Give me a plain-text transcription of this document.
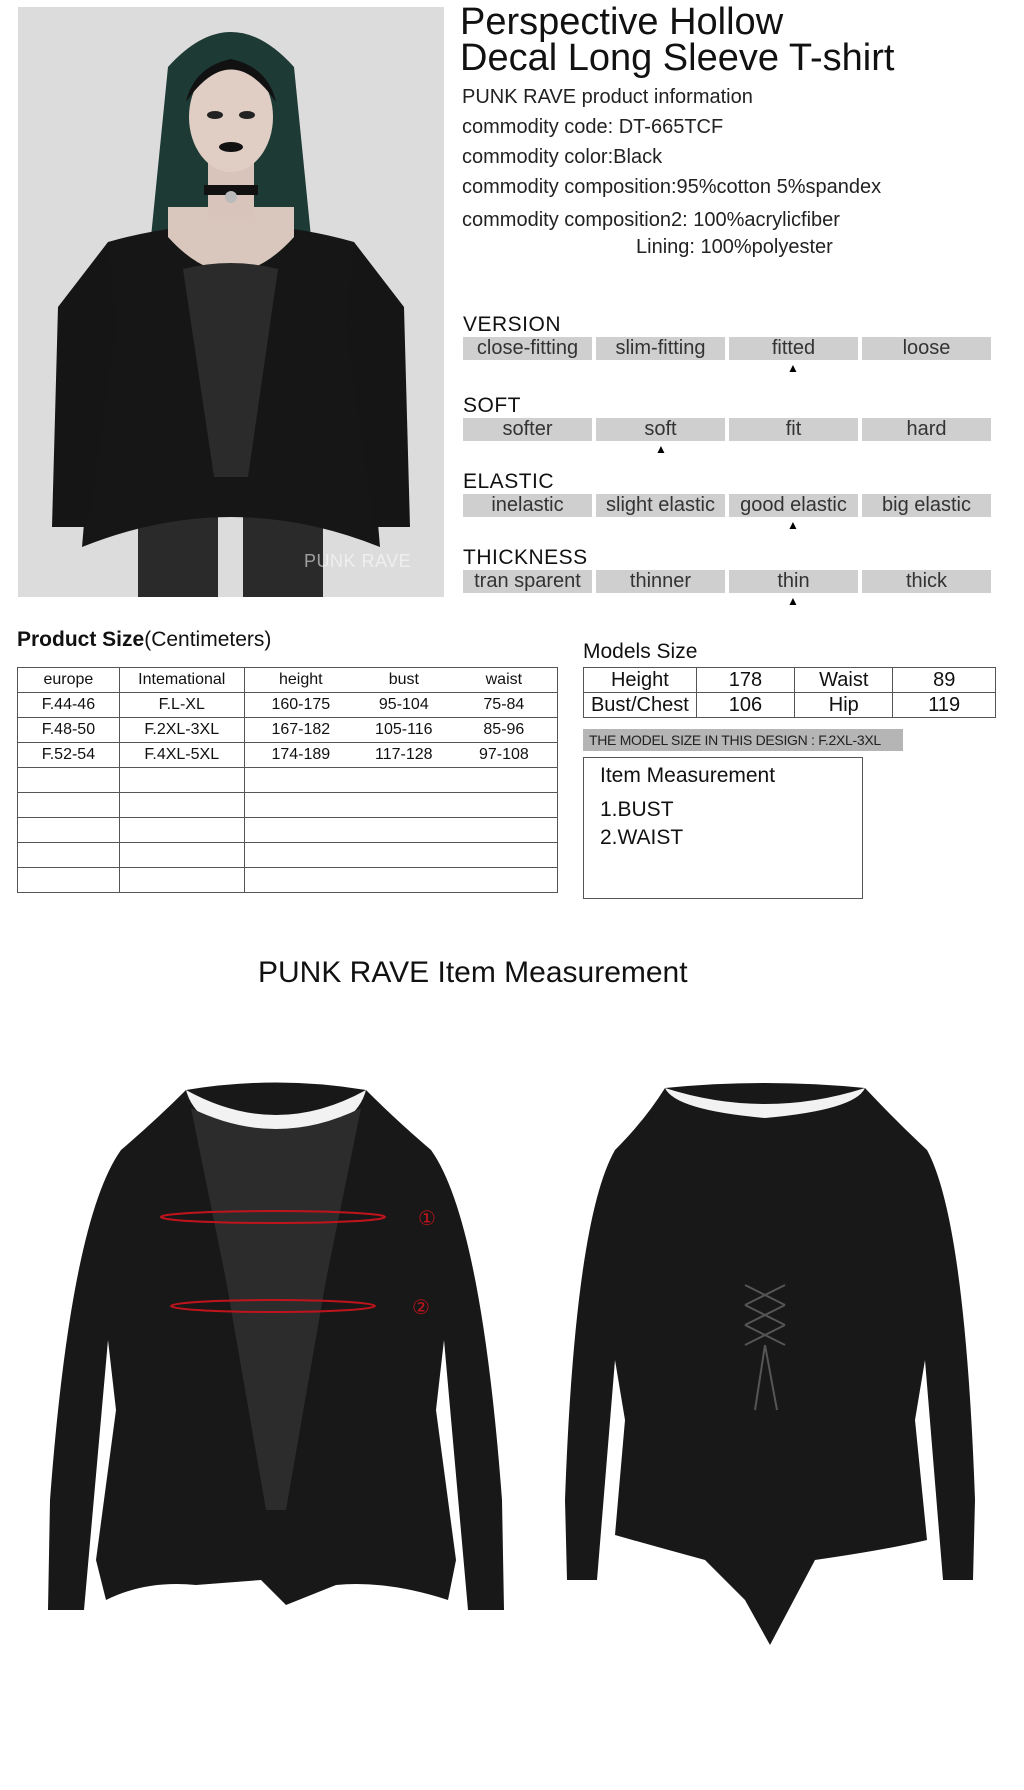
PUNK RAVE
Perspective Hollow
Decal Long Sleeve T-shirt
PUNK RAVE product information
commodity code: DT-665TCF
commodity color:Black
commodity composition:95%cotton 5%spandex
commodity composition2: 100%acrylicfiber
Lining: 100%polyester
VERSION
close-fitting	slim-fitting	fitted	loose
▲
SOFT
softer	soft	fit	hard
▲
ELASTIC
inelastic	slight elastic	good elastic	big elastic
▲
THICKNESS
tran sparent	thinner	thin	thick
▲
Product Size(Centimeters)
europe	Intemational	height	bust	waist
F.44-46	F.L-XL	160-175	95-104	75-84
F.48-50	F.2XL-3XL	167-182	105-116	85-96
F.52-54	F.4XL-5XL	174-189	117-128	97-108

Models Size
Height	178	Waist	89
Bust/Chest	106	Hip	119
THE MODEL SIZE IN THIS DESIGN : F.2XL-3XL
Item Measurement
1.BUST
2.WAIST
PUNK RAVE Item Measurement
①
②
